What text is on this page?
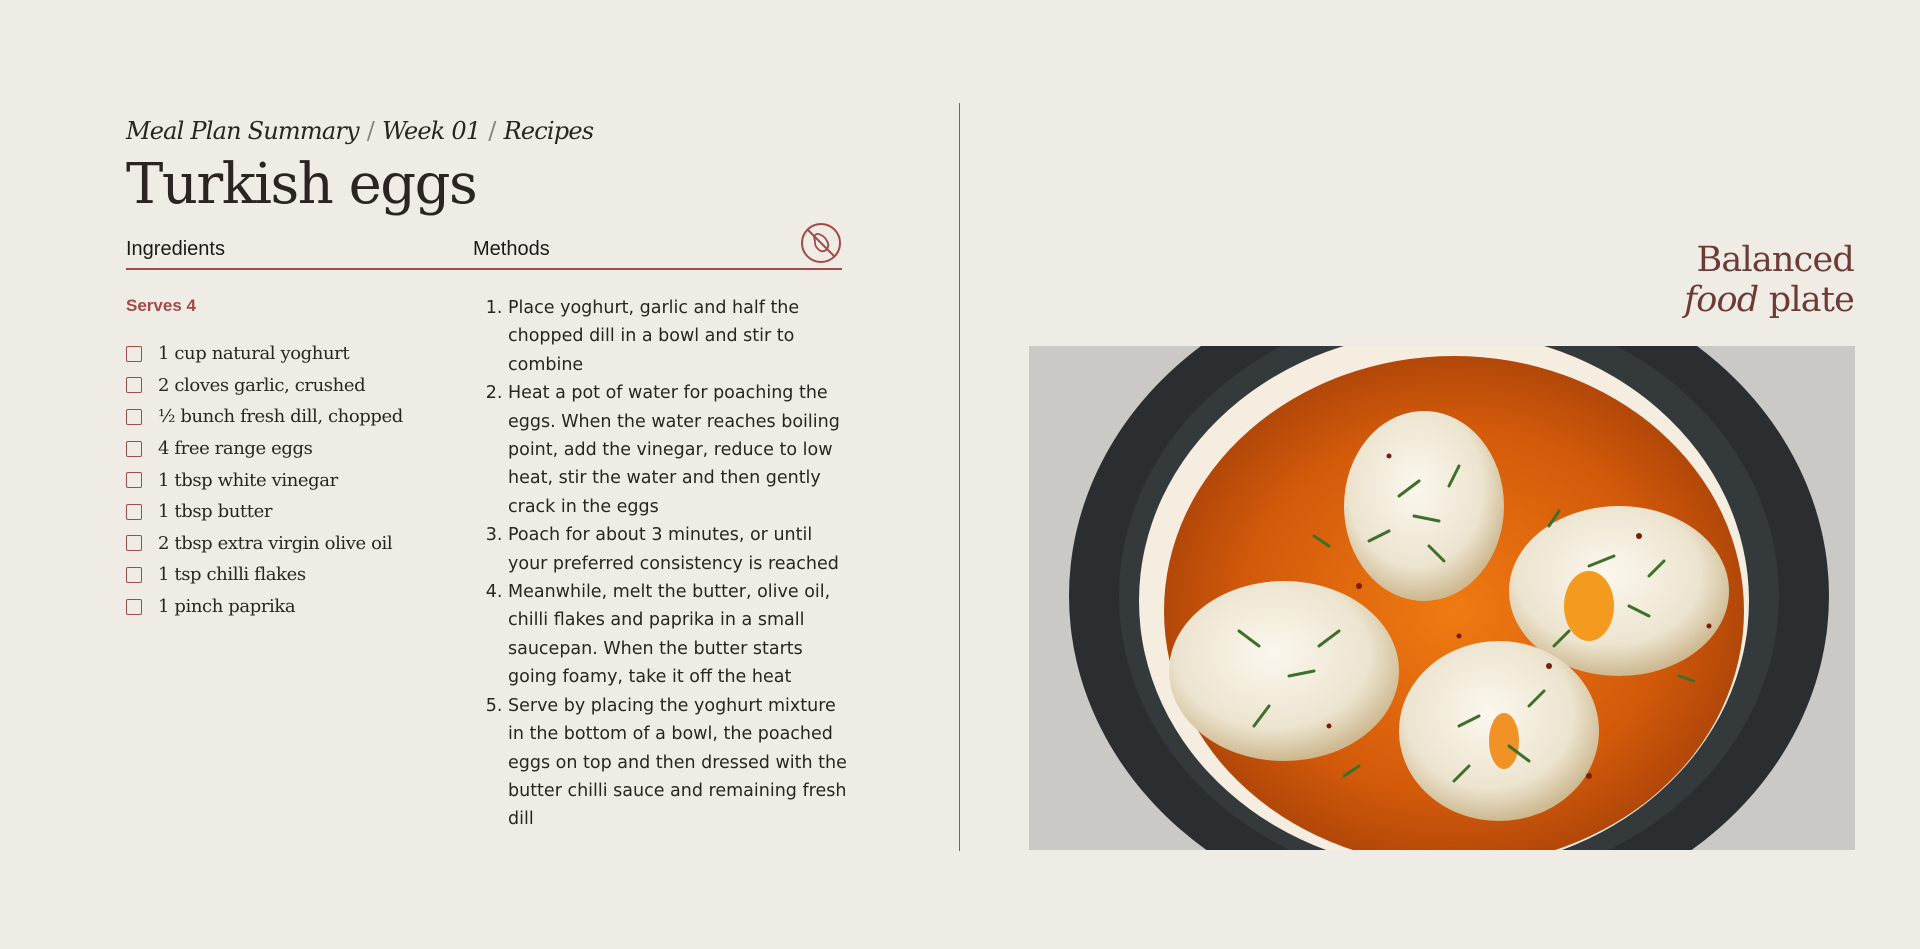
Meal Plan Summary / Week 01 / Recipes
Turkish eggs
Ingredients	Methods
Serves 4
1 cup natural yoghurt
2 cloves garlic, crushed
½ bunch fresh dill, chopped
4 free range eggs
1 tbsp white vinegar
1 tbsp butter
2 tbsp extra virgin olive oil
1 tsp chilli flakes
1 pinch paprika
1. Place yoghurt, garlic and half the chopped dill in a bowl and stir to combine
2. Heat a pot of water for poaching the eggs. When the water reaches boiling point, add the vinegar, reduce to low heat, stir the water and then gently crack in the eggs
3. Poach for about 3 minutes, or until your preferred consistency is reached
4. Meanwhile, melt the butter, olive oil, chilli flakes and paprika in a small saucepan. When the butter starts going foamy, take it off the heat
5. Serve by placing the yoghurt mixture in the bottom of a bowl, the poached eggs on top and then dressed with the butter chilli sauce and remaining fresh dill
Balanced
food plate
